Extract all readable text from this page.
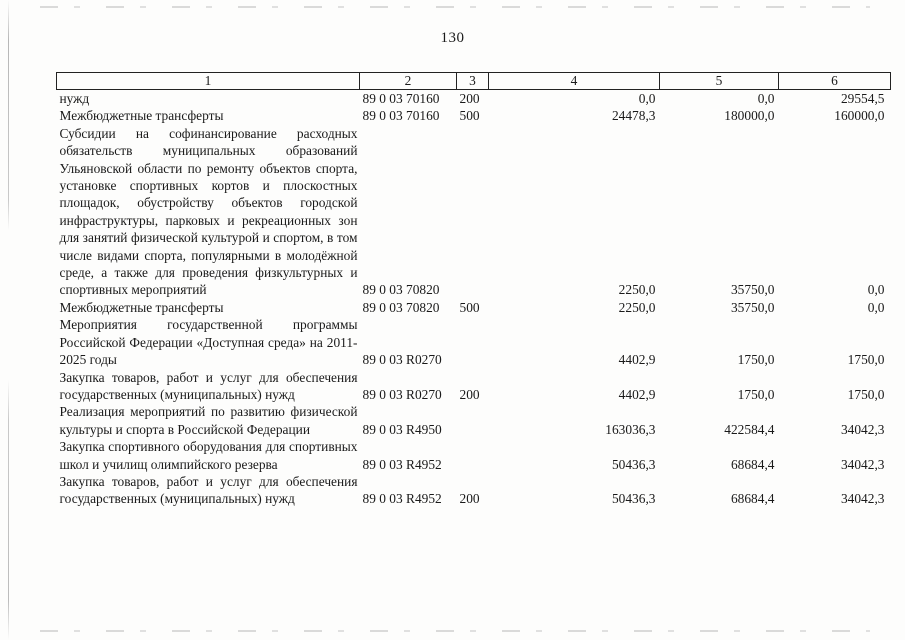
130
1	2	3	4	5	6
нужд	89 0 03 70160	200	0,0	0,0	29554,5
Межбюджетные трансферты	89 0 03 70160	500	24478,3	180000,0	160000,0
Субсидии на софинансирование расходных обязательств муниципальных образований Ульяновской области по ремонту объектов спорта, установке спортивных кортов и плоскостных площадок, обустройству объектов городской инфраструктуры, парковых и рекреационных зон для занятий физической культурой и спортом, в том числе видами спорта, популярными в молодёжной среде, а также для проведения физкультурных и спортивных мероприятий	89 0 03 70820		2250,0	35750,0	0,0
Межбюджетные трансферты	89 0 03 70820	500	2250,0	35750,0	0,0
Мероприятия государственной программы Российской Федерации «Доступная среда» на 2011-2025 годы	89 0 03 R0270		4402,9	1750,0	1750,0
Закупка товаров, работ и услуг для обеспечения государственных (муниципальных) нужд	89 0 03 R0270	200	4402,9	1750,0	1750,0
Реализация мероприятий по развитию физической культуры и спорта в Российской Федерации	89 0 03 R4950		163036,3	422584,4	34042,3
Закупка спортивного оборудования для спортивных школ и училищ олимпийского резерва	89 0 03 R4952		50436,3	68684,4	34042,3
Закупка товаров, работ и услуг для обеспечения государственных (муниципальных) нужд	89 0 03 R4952	200	50436,3	68684,4	34042,3
